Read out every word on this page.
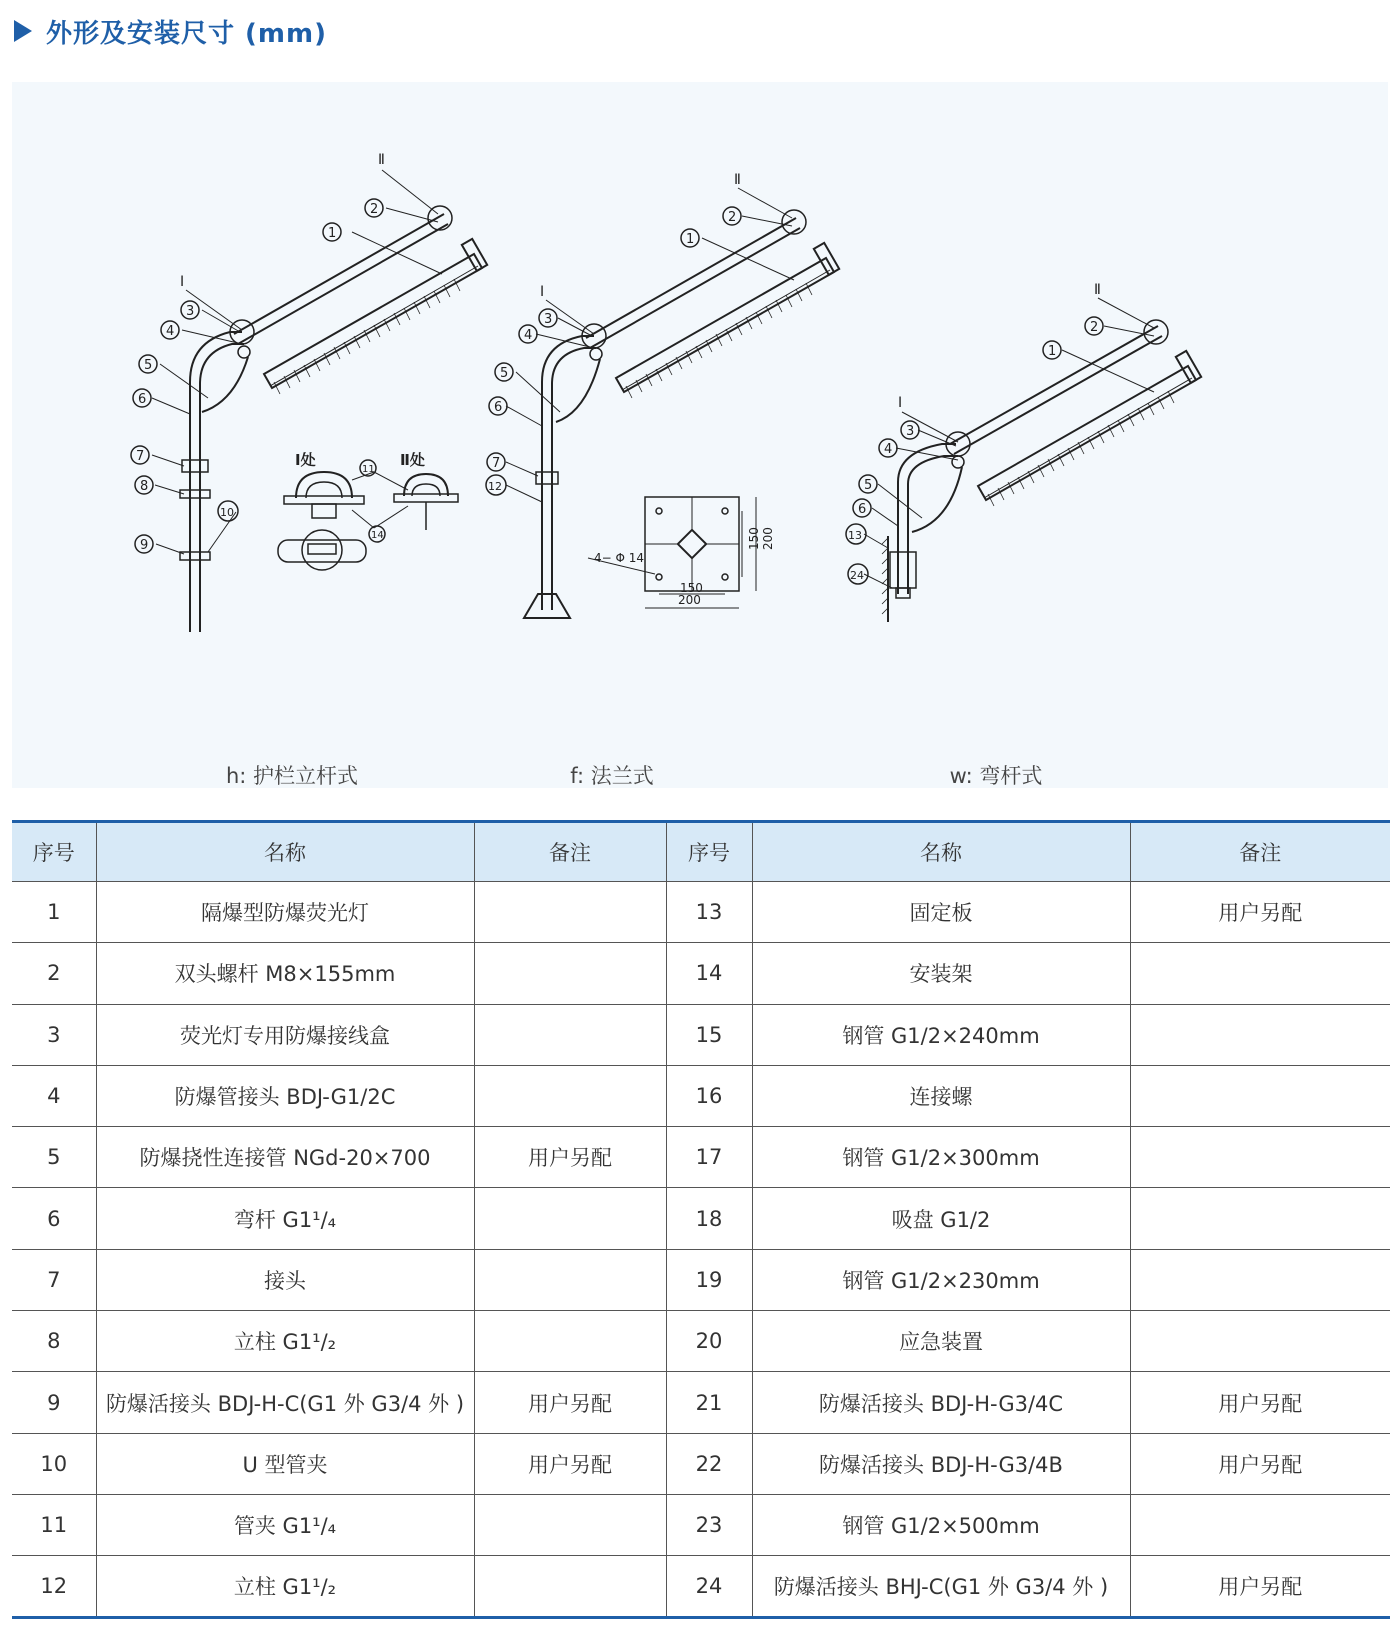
外形及安装尺寸 (mm)
Ⅱ
Ⅰ
2
1
3
4
5
6
7
8
9
10
Ⅰ处	Ⅱ处
11
14
Ⅱ
Ⅰ
2
1
3
4
5
6
7
12
4− Φ 14
150
200
150 200
Ⅱ
Ⅰ
2
1
3
4
5
6
13
24
h: 护栏立杆式	f: 法兰式	w: 弯杆式
序号	名称	备注	序号	名称	备注
1	隔爆型防爆荧光灯		13	固定板	用户另配
2	双头螺杆 M8×155mm		14	安装架	
3	荧光灯专用防爆接线盒		15	钢管 G1/2×240mm	
4	防爆管接头 BDJ-G1/2C		16	连接螺	
5	防爆挠性连接管 NGd-20×700	用户另配	17	钢管 G1/2×300mm	
6	弯杆 G1¹/₄		18	吸盘 G1/2	
7	接头		19	钢管 G1/2×230mm	
8	立柱 G1¹/₂		20	应急装置	
9	防爆活接头 BDJ-H-C(G1 外 G3/4 外 )	用户另配	21	防爆活接头 BDJ-H-G3/4C	用户另配
10	U 型管夹	用户另配	22	防爆活接头 BDJ-H-G3/4B	用户另配
11	管夹 G1¹/₄		23	钢管 G1/2×500mm	
12	立柱 G1¹/₂		24	防爆活接头 BHJ-C(G1 外 G3/4 外 )	用户另配
